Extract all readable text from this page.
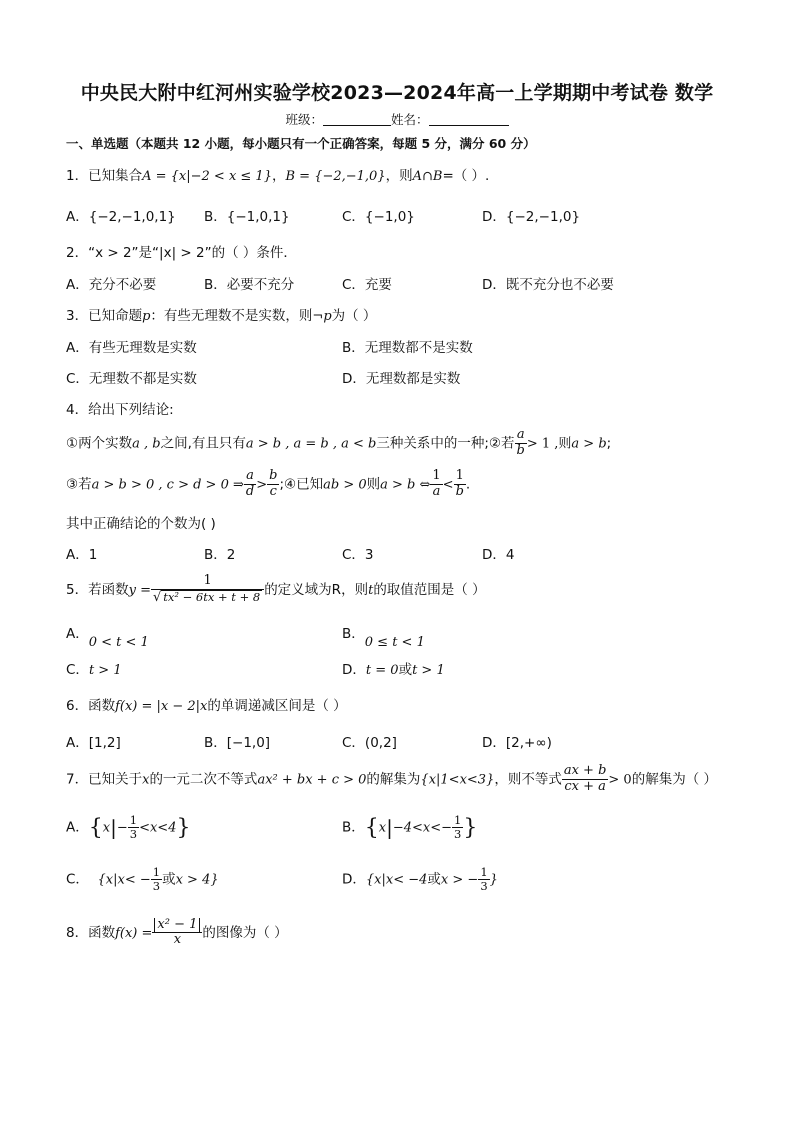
中央民大附中红河州实验学校2023—2024年高一上学期期中考试卷 数学
班级：	姓名：
一、单选题（本题共 12 小题，每小题只有一个正确答案，每题 5 分，满分 60 分）
1．已知集合A = {x|−2 < x ≤ 1}，B = {−2,−1,0}，则A∩B=（ ）.
A．{−2,−1,0,1} B．{−1,0,1}	C．{−1,0}	D．{−2,−1,0}
2．“x > 2”是“|x| > 2”的（ ）条件．
A．充分不必要	B．必要不充分	C．充要	D．既不充分也不必要
3．已知命题p：有些无理数不是实数，则¬p为（ ）
A．有些无理数是实数	B．无理数都不是实数
C．无理数不都是实数	D．无理数都是实数
4．给出下列结论:
①两个实数a , b之间,有且只有a > b , a = b , a < b三种关系中的一种;②若 $\frac{a}{b} > 1$ ,则a > b;
③若a > b > 0 , c > d > 0 ⇒ $\frac{a}{d} > \frac{b}{c}$ ;④已知ab > 0则a > b ⇔ $\frac{1}{a} < \frac{1}{b}$ .
其中正确结论的个数为( )
A．1	B．2	C．3	D．4
5．若函数$y = \frac{1}{\text{√ tx² − 6tx + t + 8}}$ 的定义域为R，则t的取值范围是（ ）
A．0 < t < 1
B．0 ≤ t < 1
C．t > 1	D．t = 0或t > 1
6．函数f(x) = |x − 2|x的单调递减区间是（ ）
A．[1,2]	B．[−1,0]	C．(0,2]	D．[2,+∞)
7．已知关于x的一元二次不等式ax² + bx + c > 0的解集为{x|1<x<3}，则不等式 $\frac{ax + b}{cx + a} > 0$的解集为（ ）
A．$\{x|- \frac{1}{3} <x<4\}$	B．{$x|-4<x<- \frac{1}{3}$ }
C． {$x|x< - \frac{1}{3}$ 或x > 4}	D．{x|x< −4或x > − $\frac{1}{3}$ }
8．函数$f(x) = \frac{\text{x² − 1}}{x}$ 的图像为（ ）
